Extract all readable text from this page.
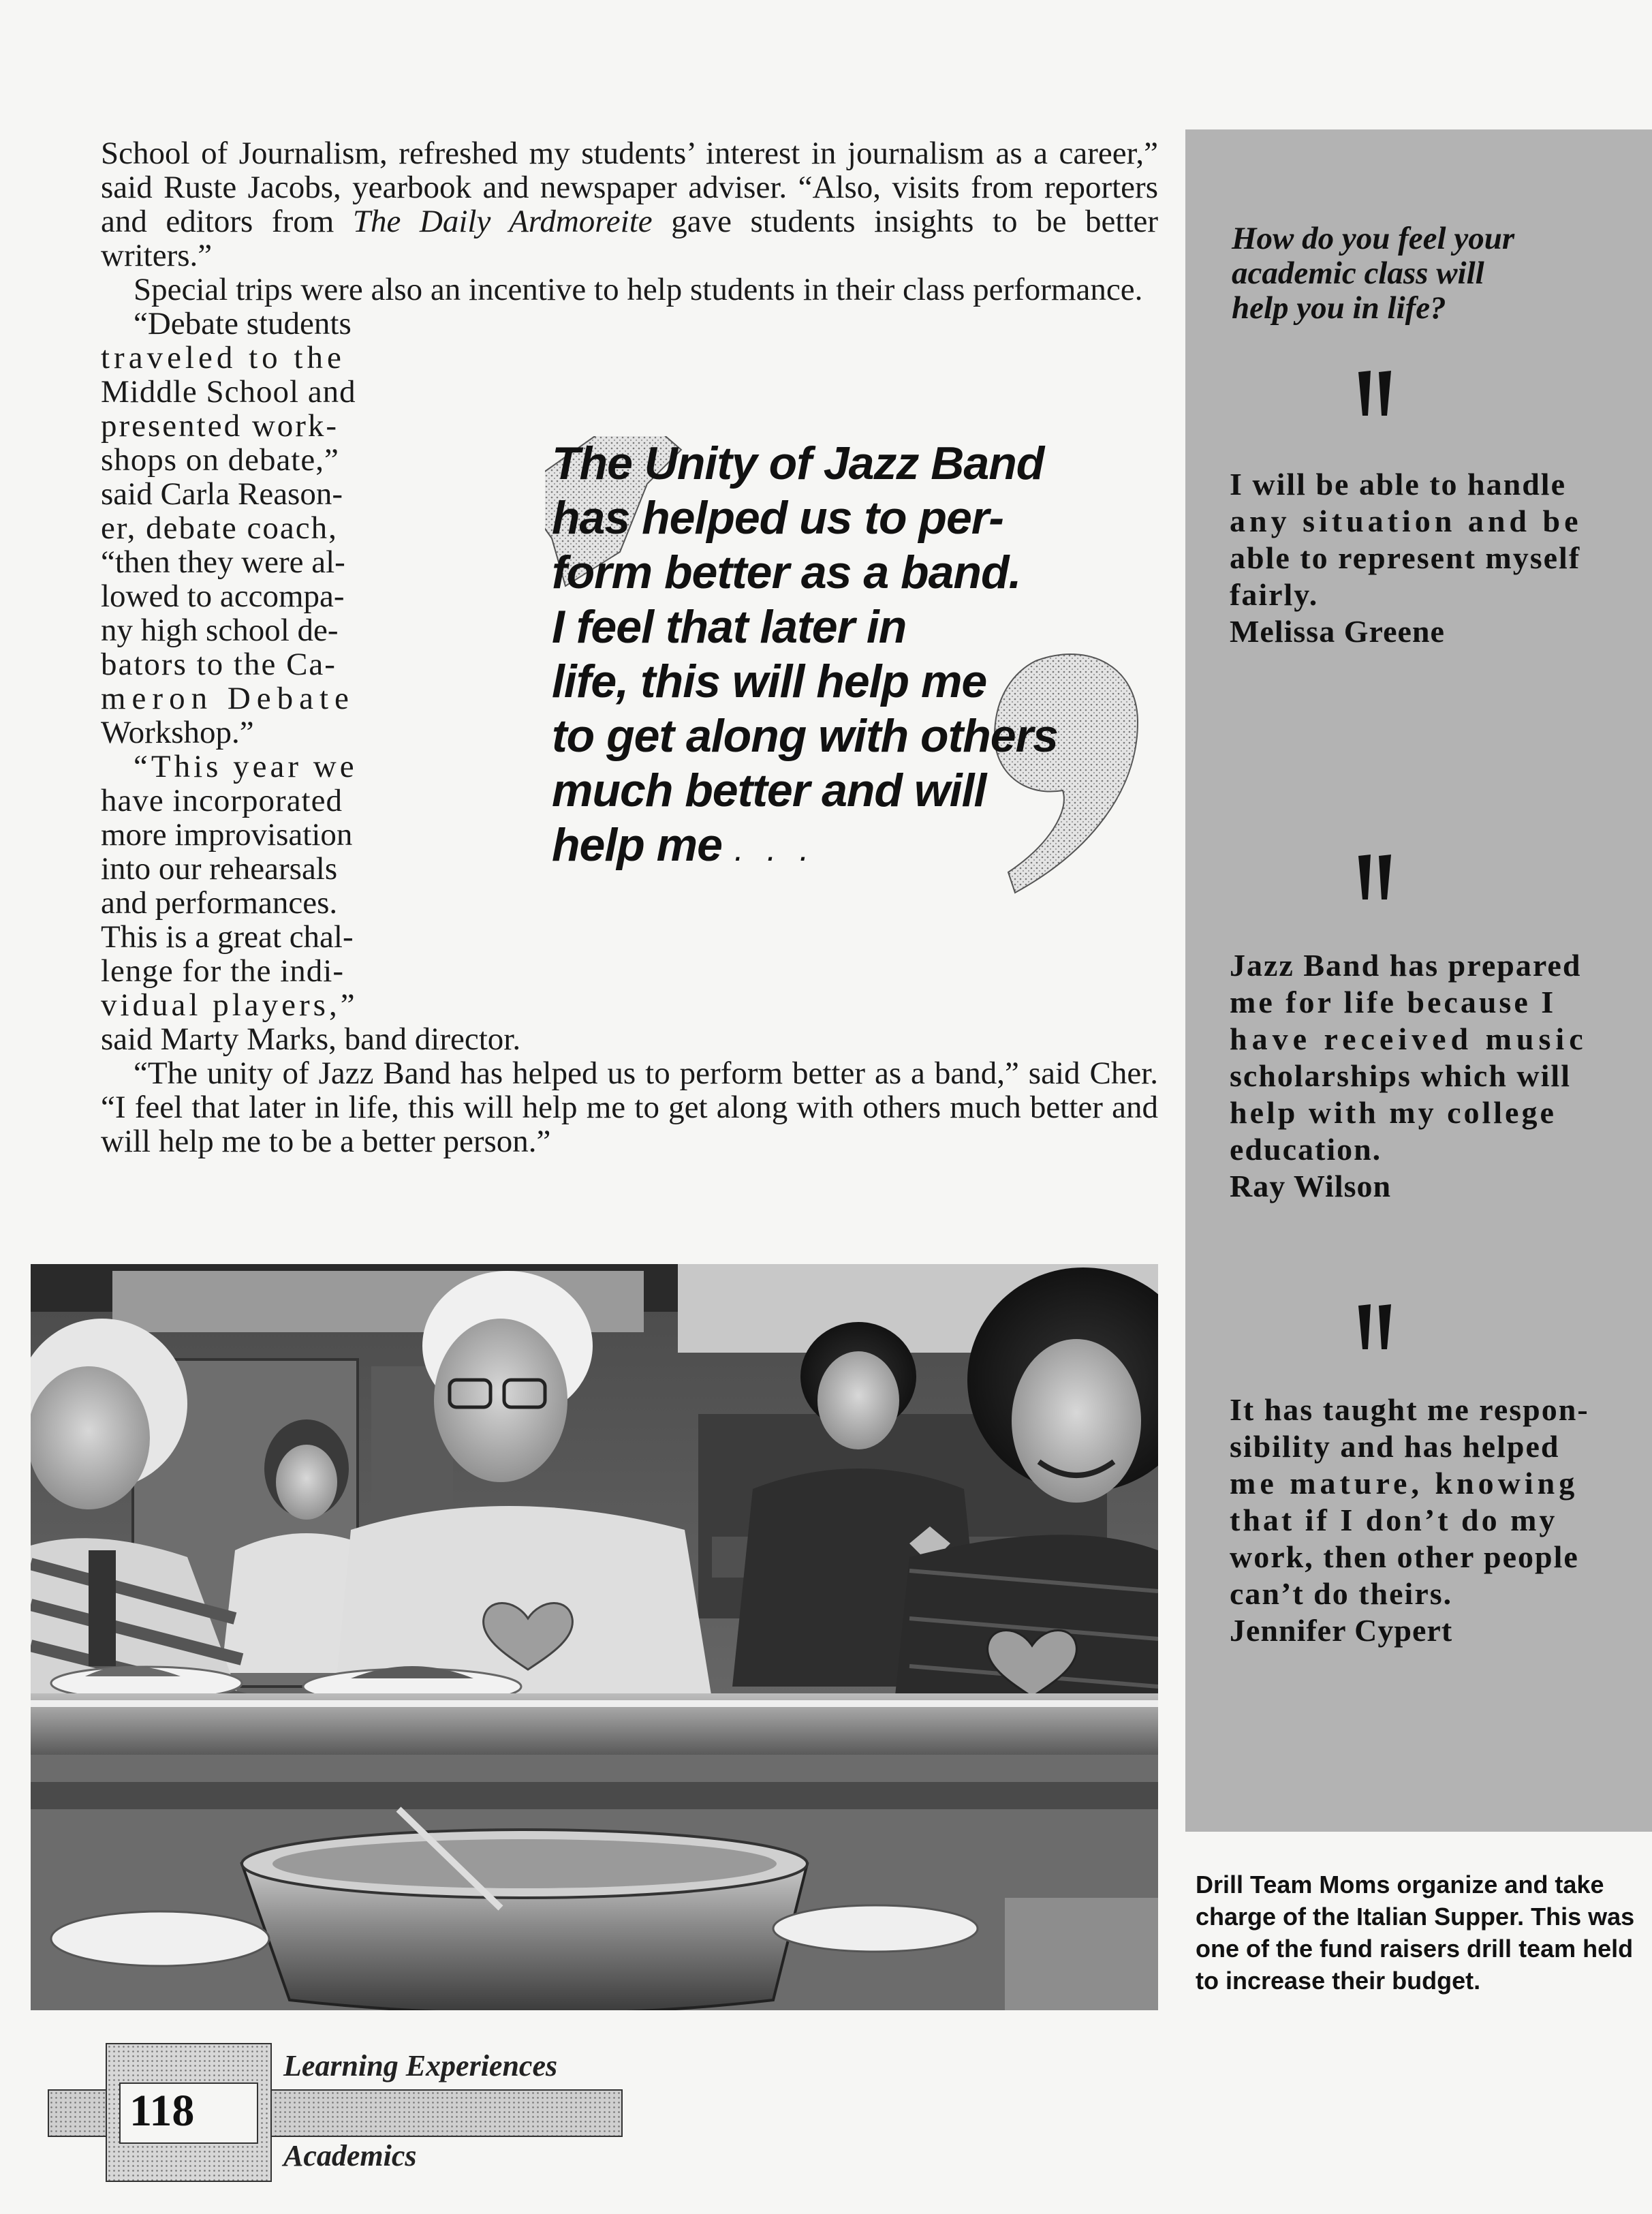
School of Journalism, refreshed my students’ interest in journalism as a career,” said Ruste Jacobs, yearbook and newspaper adviser. “Also, visits from reporters and editors from The Daily Ardmoreite gave students insights to be better writers.”

Special trips were also an incentive to help students in their class performance.

“Debate students
traveled to the
Middle School and
presented work-
shops on debate,”
said Carla Reason-
er, debate coach,
“then they were al-
lowed to accompa-
ny high school de-
bators to the Ca-
meron Debate
Workshop.”
“This year we
have incorporated
more improvisation
into our rehearsals
and performances.
This is a great chal-
lenge for the indi-
vidual players,”

said Marty Marks, band director.

“The unity of Jazz Band has helped us to perform better as a band,” said Cher. “I feel that later in life, this will help me to get along with others much better and will help me to be a better person.”

The Unity of Jazz Band
has helped us to per-
form better as a band.
I feel that later in
life, this will help me
to get along with others
much better and will
help me . . .
Drill Team Moms organize and take
charge of the Italian Supper. This was
one of the fund raisers drill team held
to increase their budget.
How do you feel your
academic class will
help you in life?
I will be able to handle
any situation and be
able to represent myself
fairly.
Melissa Greene
Jazz Band has prepared
me for life because I
have received music
scholarships which will
help with my college
education.
Ray Wilson
It has taught me respon-
sibility and has helped
me mature, knowing
that if I don’t do my
work, then other people
can’t do theirs.
Jennifer Cypert
118
Learning Experiences
Academics
